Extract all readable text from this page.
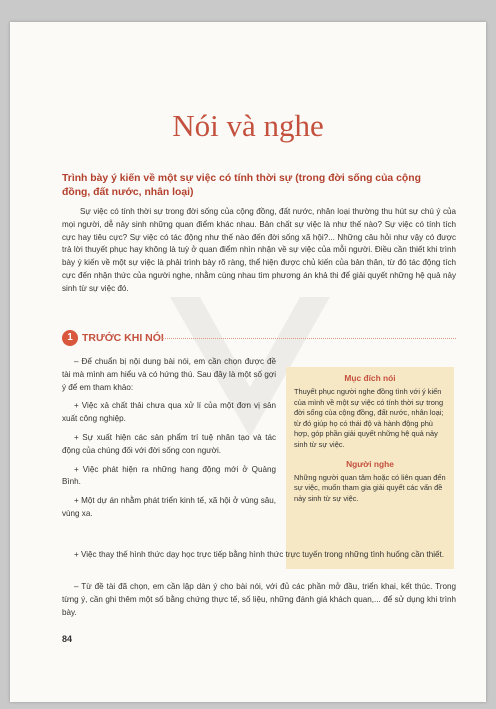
Nói và nghe

Trình bày ý kiến về một sự việc có tính thời sự (trong đời sống của cộng đồng, đất nước, nhân loại)

Sự việc có tính thời sự trong đời sống của cộng đồng, đất nước, nhân loại thường thu hút sự chú ý của mọi người, dễ nảy sinh những quan điểm khác nhau. Bản chất sự việc là như thế nào? Sự việc có tính tích cực hay tiêu cực? Sự việc có tác động như thế nào đến đời sống xã hội?... Những câu hỏi như vậy có được trả lời thuyết phục hay không là tuỳ ở quan điểm nhìn nhận về sự việc của mỗi người. Điều cần thiết khi trình bày ý kiến về một sự việc là phải trình bày rõ ràng, thể hiện được chủ kiến của bản thân, từ đó tác động tích cực đến nhận thức của người nghe, nhằm cùng nhau tìm phương án khả thi để giải quyết những hệ quả nảy sinh từ sự việc đó.

1 TRƯỚC KHI NÓI

– Để chuẩn bị nội dung bài nói, em cần chọn được đề tài mà mình am hiểu và có hứng thú. Sau đây là một số gợi ý để em tham khảo:

+ Việc xả chất thải chưa qua xử lí của một đơn vị sản xuất công nghiệp.

+ Sự xuất hiện các sản phẩm trí tuệ nhân tạo và tác động của chúng đối với đời sống con người.

+ Việc phát hiện ra những hang động mới ở Quảng Bình.

+ Một dự án nhằm phát triển kinh tế, xã hội ở vùng sâu, vùng xa.

Mục đích nói

Thuyết phục người nghe đồng tình với ý kiến của mình về một sự việc có tính thời sự trong đời sống của cộng đồng, đất nước, nhân loại; từ đó giúp họ có thái độ và hành động phù hợp, góp phần giải quyết những hệ quả nảy sinh từ sự việc.

Người nghe

Những người quan tâm hoặc có liên quan đến sự việc, muốn tham gia giải quyết các vấn đề nảy sinh từ sự việc.

+ Việc thay thế hình thức dạy học trực tiếp bằng hình thức trực tuyến trong những tình huống cần thiết.

– Từ đề tài đã chọn, em cần lập dàn ý cho bài nói, với đủ các phần mở đầu, triển khai, kết thúc. Trong từng ý, cần ghi thêm một số bằng chứng thực tế, số liệu, những đánh giá khách quan,... để sử dụng khi trình bày.

84
